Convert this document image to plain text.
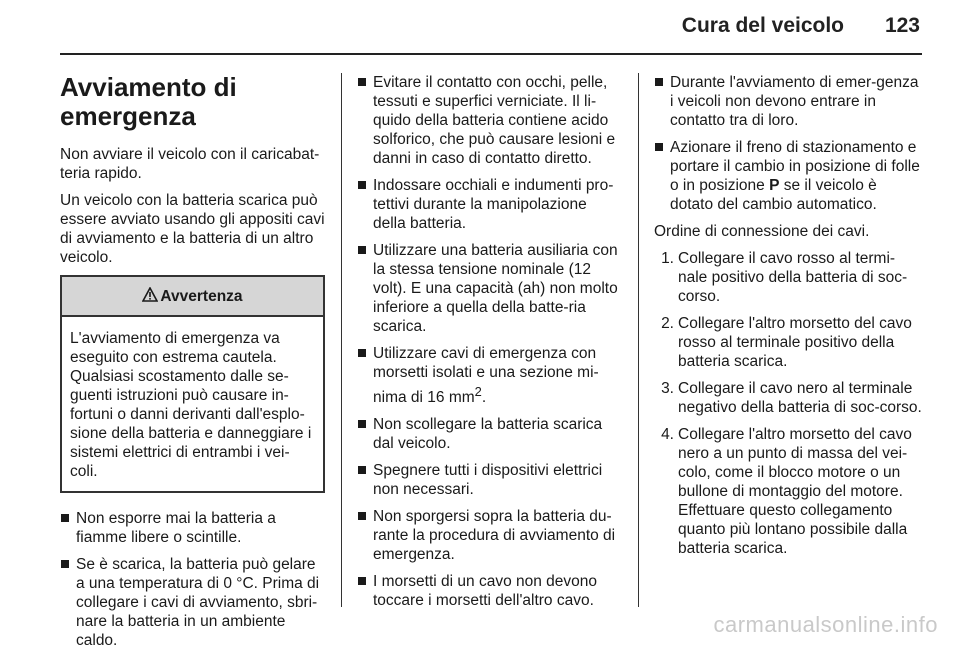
Cura del veicolo 123
Avviamento di
emergenza

Non avviare il veicolo con il caricabat-teria rapido.

Un veicolo con la batteria scarica può essere avviato usando gli appositi cavi di avviamento e la batteria di un altro veicolo.

Avvertenza
L'avviamento di emergenza va eseguito con estrema cautela. Qualsiasi scostamento dalle se-guenti istruzioni può causare in-fortuni o danni derivanti dall'esplo-sione della batteria e danneggiare i sistemi elettrici di entrambi i vei-coli.
Non esporre mai la batteria a fiamme libere o scintille.
Se è scarica, la batteria può gelare a una temperatura di 0 °C. Prima di collegare i cavi di avviamento, sbri-nare la batteria in un ambiente caldo.
Evitare il contatto con occhi, pelle, tessuti e superfici verniciate. Il li-quido della batteria contiene acido solforico, che può causare lesioni e danni in caso di contatto diretto.
Indossare occhiali e indumenti pro-tettivi durante la manipolazione della batteria.
Utilizzare una batteria ausiliaria con la stessa tensione nominale (12 volt). E una capacità (ah) non molto inferiore a quella della batte-ria scarica.
Utilizzare cavi di emergenza con morsetti isolati e una sezione mi-nima di 16 $mm^2$.
Non scollegare la batteria scarica dal veicolo.
Spegnere tutti i dispositivi elettrici non necessari.
Non sporgersi sopra la batteria du-rante la procedura di avviamento di emergenza.
I morsetti di un cavo non devono toccare i morsetti dell'altro cavo.
Durante l'avviamento di emer-genza i veicoli non devono entrare in contatto tra di loro.
Azionare il freno di stazionamento e portare il cambio in posizione di folle o in posizione P se il veicolo è dotato del cambio automatico.

Ordine di connessione dei cavi.

1. Collegare il cavo rosso al termi-nale positivo della batteria di soc-corso.
2. Collegare l'altro morsetto del cavo rosso al terminale positivo della batteria scarica.
3. Collegare il cavo nero al terminale negativo della batteria di soc-corso.
4. Collegare l'altro morsetto del cavo nero a un punto di massa del vei-colo, come il blocco motore o un bullone di montaggio del motore. Effettuare questo collegamento quanto più lontano possibile dalla batteria scarica.
carmanualsonline.info
